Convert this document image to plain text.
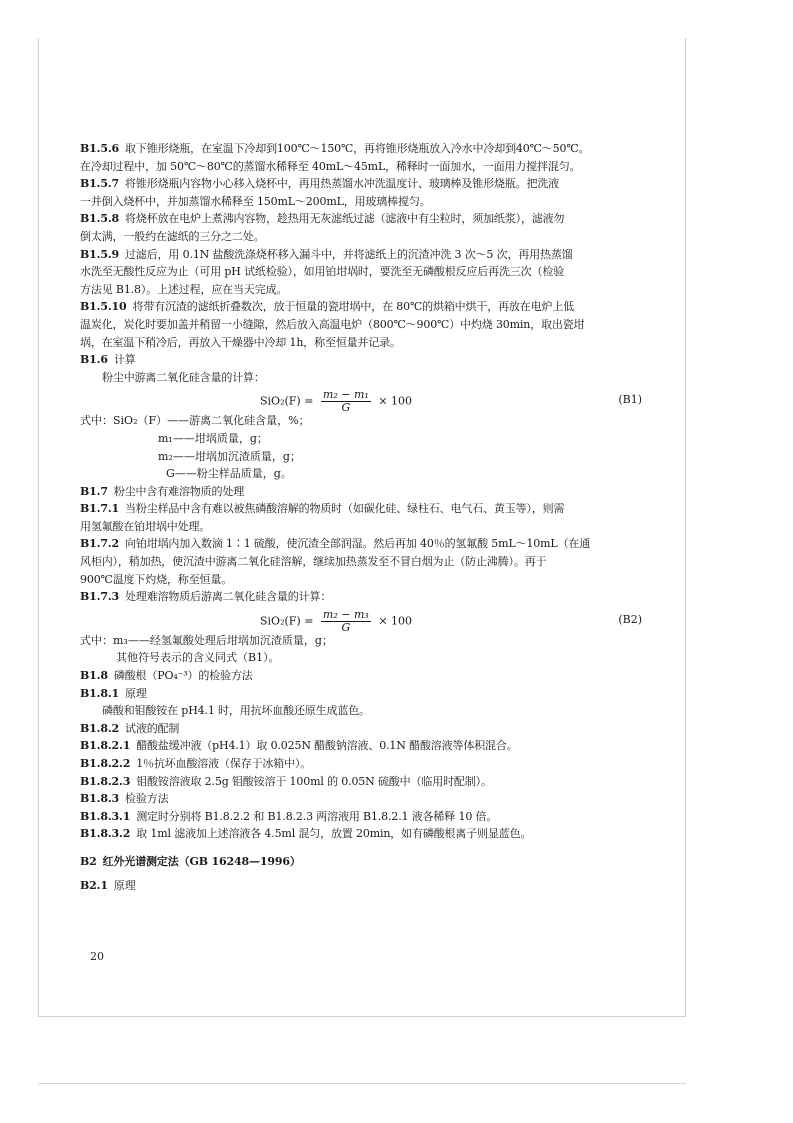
B1.5.6 取下锥形烧瓶，在室温下冷却到100℃～150℃，再将锥形烧瓶放入冷水中冷却到40℃～50℃。
在冷却过程中，加 50℃～80℃的蒸馏水稀释至 40mL～45mL，稀释时一面加水，一面用力搅拌混匀。
B1.5.7 将锥形烧瓶内容物小心移入烧杯中，再用热蒸馏水冲洗温度计、玻璃棒及锥形烧瓶。把洗液
一并倒入烧杯中，并加蒸馏水稀释至 150mL～200mL，用玻璃棒搅匀。
B1.5.8 将烧杯放在电炉上煮沸内容物，趁热用无灰滤纸过滤（滤液中有尘粒时，须加纸浆），滤液勿
倒太满，一般约在滤纸的三分之二处。
B1.5.9 过滤后，用 0.1N 盐酸洗涤烧杯移入漏斗中，并将滤纸上的沉渣冲洗 3 次～5 次，再用热蒸馏
水洗至无酸性反应为止（可用 pH 试纸检验），如用铂坩埚时，要洗至无磷酸根反应后再洗三次（检验
方法见 B1.8）。上述过程，应在当天完成。
B1.5.10 将带有沉渣的滤纸折叠数次，放于恒量的瓷坩埚中，在 80℃的烘箱中烘干，再放在电炉上低
温炭化，炭化时要加盖并稍留一小缝隙，然后放入高温电炉（800℃～900℃）中灼烧 30min，取出瓷坩
埚，在室温下稍冷后，再放入干燥器中冷却 1h，称至恒量并记录。
B1.6 计算
粉尘中游离二氧化硅含量的计算：
$SiO_2(F) = \frac{\text{m₂ − m₁}}{G} \times 100$	(B1)
式中：SiO₂（F）——游离二氧化硅含量，%；
m₁——坩埚质量，g；
m₂——坩埚加沉渣质量，g；
G——粉尘样品质量，g。
B1.7 粉尘中含有难溶物质的处理
B1.7.1 当粉尘样品中含有难以被焦磷酸溶解的物质时（如碳化硅、绿柱石、电气石、黄玉等），则需
用氢氟酸在铂坩埚中处理。
B1.7.2 向铂坩埚内加入数滴 1∶1 硫酸，使沉渣全部润湿。然后再加 40％的氢氟酸 5mL～10mL（在通
风柜内），稍加热，使沉渣中游离二氧化硅溶解，继续加热蒸发至不冒白烟为止（防止沸腾）。再于
900℃温度下灼烧，称至恒量。
B1.7.3 处理难溶物质后游离二氧化硅含量的计算：
$SiO_2(F) = \frac{\text{m₂ − m₃}}{G} \times 100$	(B2)
式中：m₃——经氢氟酸处理后坩埚加沉渣质量，g；
其他符号表示的含义同式（B1）。
B1.8 磷酸根（PO₄⁻³）的检验方法
B1.8.1 原理
磷酸和钼酸铵在 pH4.1 时，用抗坏血酸还原生成蓝色。
B1.8.2 试液的配制
B1.8.2.1 醋酸盐缓冲液（pH4.1）取 0.025N 醋酸钠溶液、0.1N 醋酸溶液等体积混合。
B1.8.2.2 1％抗坏血酸溶液（保存于冰箱中）。
B1.8.2.3 钼酸铵溶液取 2.5g 钼酸铵溶于 100ml 的 0.05N 硫酸中（临用时配制）。
B1.8.3 检验方法
B1.8.3.1 测定时分别将 B1.8.2.2 和 B1.8.2.3 两溶液用 B1.8.2.1 液各稀释 10 倍。
B1.8.3.2 取 1ml 滤液加上述溶液各 4.5ml 混匀，放置 20min，如有磷酸根离子则显蓝色。
B2 红外光谱测定法（GB 16248—1996）
B2.1 原理
20
